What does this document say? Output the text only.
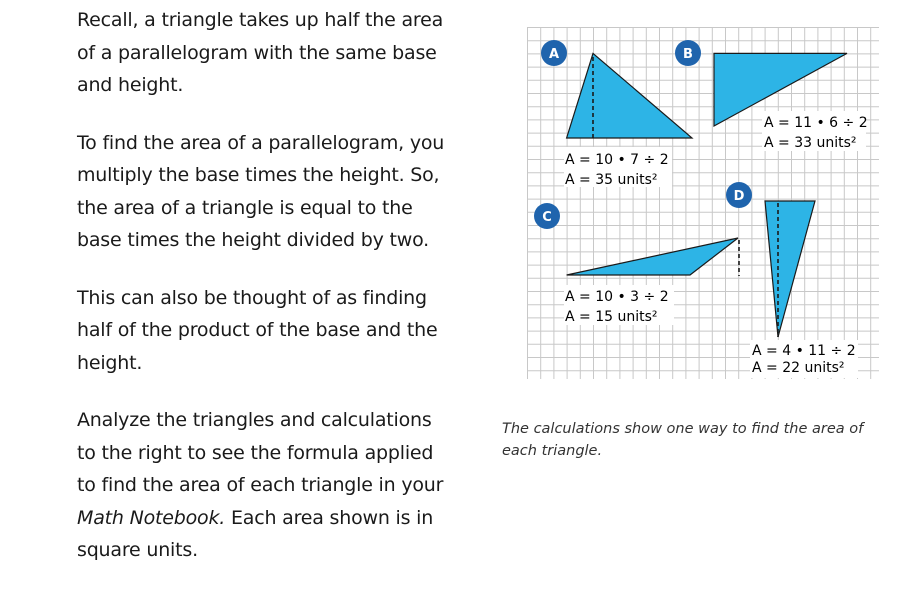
Recall, a triangle takes up half the area of a parallelogram with the same base and height.

To find the area of a parallelogram, you multiply the base times the height. So, the area of a triangle is equal to the base times the height divided by two.

This can also be thought of as finding half of the product of the base and the height.

Analyze the triangles and calculations to the right to see the formula applied to find the area of each triangle in your Math Notebook. Each area shown is in square units.

A = 10 • 7 ÷ 2
A = 35 units²
A
A = 11 • 6 ÷ 2
A = 33 units²
B
A = 10 • 3 ÷ 2
A = 15 units²
C
A = 4 • 11 ÷ 2
A = 22 units²
D
The calculations show one way to find the area of each triangle.
